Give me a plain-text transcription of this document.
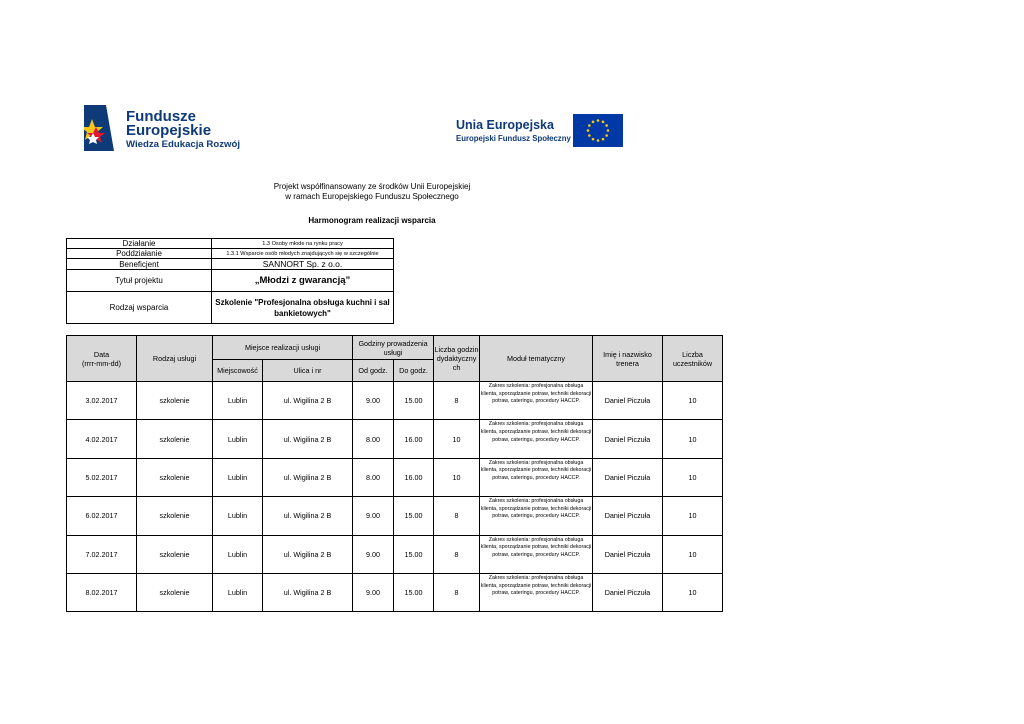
Fundusze
Europejskie
Wiedza Edukacja Rozwój
Unia Europejska
Europejski Fundusz Społeczny
Projekt współfinansowany ze środków Unii Europejskiej
w ramach Europejskiego Funduszu Społecznego
Harmonogram realizacji wsparcia
Działanie	1.3 Osoby młode na rynku pracy
Poddziałanie	1.3.1 Wsparcie osób młodych znajdujących się w szczególnie
Beneficjent	SANNORT Sp. z o.o.
Tytuł projektu	„Młodzi z gwarancją”
Rodzaj wsparcia	Szkolenie "Profesjonalna obsługa kuchni i sal bankietowych"
Data
(rrrr-mm-dd)	Rodzaj usługi	Miejsce realizacji usługi		Godziny prowadzenia usługi		Liczba godzin dydaktyczny ch	Moduł tematyczny	Imię i nazwisko trenera	Liczba uczestników
		Miejscowość	Ulica i nr	Od godz.	Do godz.				
3.02.2017	szkolenie	Lublin	ul. Wigilina 2 B	9.00	15.00	8	Zakres szkolenia: profesjonalna obsługa klienta, sporządzanie potraw, techniki dekoracji potraw, cateringu, procedury HACCP.	Daniel Piczuła	10
4.02.2017	szkolenie	Lublin	ul. Wigilina 2 B	8.00	16.00	10	Zakres szkolenia: profesjonalna obsługa klienta, sporządzanie potraw, techniki dekoracji potraw, cateringu, procedury HACCP.	Daniel Piczuła	10
5.02.2017	szkolenie	Lublin	ul. Wigilina 2 B	8.00	16.00	10	Zakres szkolenia: profesjonalna obsługa klienta, sporządzanie potraw, techniki dekoracji potraw, cateringu, procedury HACCP.	Daniel Piczuła	10
6.02.2017	szkolenie	Lublin	ul. Wigilina 2 B	9.00	15.00	8	Zakres szkolenia: profesjonalna obsługa klienta, sporządzanie potraw, techniki dekoracji potraw, cateringu, procedury HACCP.	Daniel Piczuła	10
7.02.2017	szkolenie	Lublin	ul. Wigilina 2 B	9.00	15.00	8	Zakres szkolenia: profesjonalna obsługa klienta, sporządzanie potraw, techniki dekoracji potraw, cateringu, procedury HACCP.	Daniel Piczuła	10
8.02.2017	szkolenie	Lublin	ul. Wigilina 2 B	9.00	15.00	8	Zakres szkolenia: profesjonalna obsługa klienta, sporządzanie potraw, techniki dekoracji potraw, cateringu, procedury HACCP.	Daniel Piczuła	10
